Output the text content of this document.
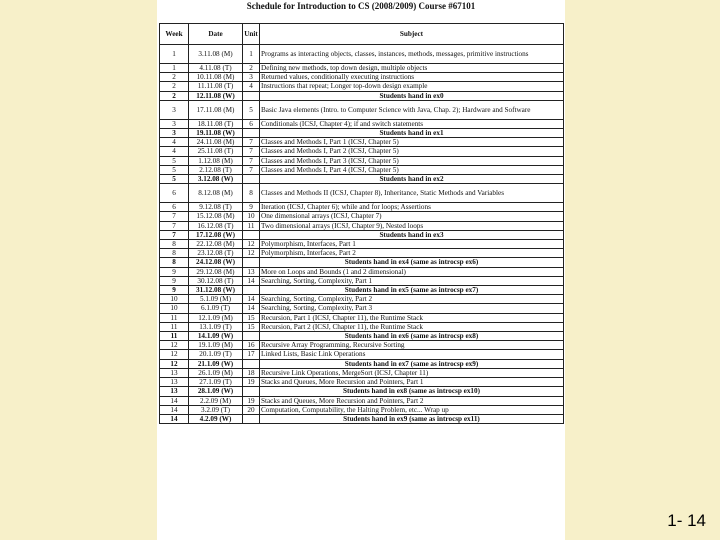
Schedule for Introduction to CS (2008/2009) Course #67101
Week	Date	Unit	Subject
1	3.11.08 (M)	1	Programs as interacting objects, classes, instances, methods, messages, primitive instructions
1	4.11.08 (T)	2	Defining new methods, top down design, multiple objects
2	10.11.08 (M)	3	Returned values, conditionally executing instructions
2	11.11.08 (T)	4	Instructions that repeat; Longer top-down design example
2	12.11.08 (W)		Students hand in ex0
3	17.11.08 (M)	5	Basic Java elements (Intro. to Computer Science with Java, Chap. 2); Hardware and Software
3	18.11.08 (T)	6	Conditionals (ICSJ, Chapter 4); if and switch statements
3	19.11.08 (W)		Students hand in ex1
4	24.11.08 (M)	7	Classes and Methods I, Part 1 (ICSJ, Chapter 5)
4	25.11.08 (T)	7	Classes and Methods I, Part 2 (ICSJ, Chapter 5)
5	1.12.08 (M)	7	Classes and Methods I, Part 3 (ICSJ, Chapter 5)
5	2.12.08 (T)	7	Classes and Methods I, Part 4 (ICSJ, Chapter 5)
5	3.12.08 (W)		Students hand in ex2
6	8.12.08 (M)	8	Classes and Methods II (ICSJ, Chapter 8), Inheritance, Static Methods and Variables
6	9.12.08 (T)	9	Iteration (ICSJ, Chapter 6); while and for loops; Assertions
7	15.12.08 (M)	10	One dimensional arrays (ICSJ, Chapter 7)
7	16.12.08 (T)	11	Two dimensional arrays (ICSJ, Chapter 9), Nested loops
7	17.12.08 (W)		Students hand in ex3
8	22.12.08 (M)	12	Polymorphism, Interfaces, Part 1
8	23.12.08 (T)	12	Polymorphism, Interfaces, Part 2
8	24.12.08 (W)		Students hand in ex4 (same as introcsp ex6)
9	29.12.08 (M)	13	More on Loops and Bounds (1 and 2 dimensional)
9	30.12.08 (T)	14	Searching, Sorting, Complexity, Part 1
9	31.12.08 (W)		Students hand in ex5 (same as introcsp ex7)
10	5.1.09 (M)	14	Searching, Sorting, Complexity, Part 2
10	6.1.09 (T)	14	Searching, Sorting, Complexity, Part 3
11	12.1.09 (M)	15	Recursion, Part 1 (ICSJ, Chapter 11), the Runtime Stack
11	13.1.09 (T)	15	Recursion, Part 2 (ICSJ, Chapter 11), the Runtime Stack
11	14.1.09 (W)		Students hand in ex6 (same as introcsp ex8)
12	19.1.09 (M)	16	Recursive Array Programming, Recursive Sorting
12	20.1.09 (T)	17	Linked Lists, Basic Link Operations
12	21.1.09 (W)		Students hand in ex7 (same as introcsp ex9)
13	26.1.09 (M)	18	Recursive Link Operations, MergeSort (ICSJ, Chapter 11)
13	27.1.09 (T)	19	Stacks and Queues, More Recursion and Pointers, Part 1
13	28.1.09 (W)		Students hand in ex8 (same as introcsp ex10)
14	2.2.09 (M)	19	Stacks and Queues, More Recursion and Pointers, Part 2
14	3.2.09 (T)	20	Computation, Computability, the Halting Problem, etc... Wrap up
14	4.2.09 (W)		Students hand in ex9 (same as introcsp ex11)
1- 14
